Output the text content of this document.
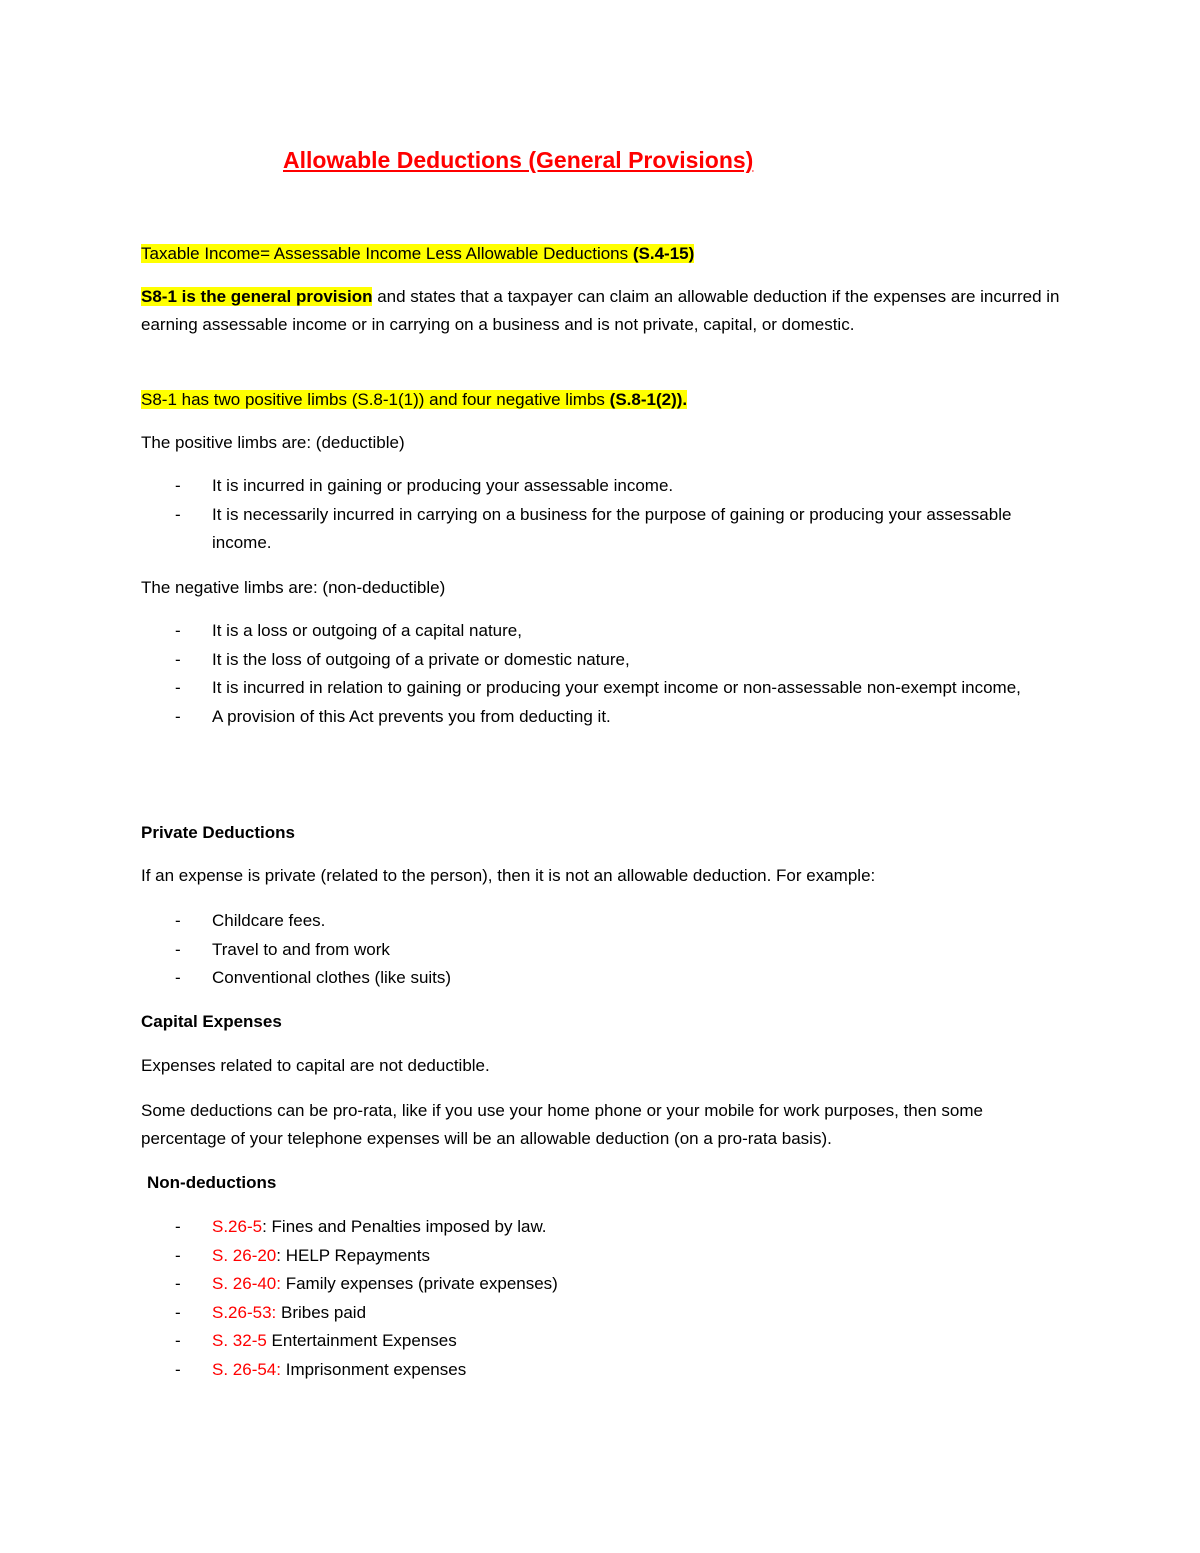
Allowable Deductions (General Provisions)
Taxable Income= Assessable Income Less Allowable Deductions (S.4-15)
S8-1 is the general provision and states that a taxpayer can claim an allowable deduction if the expenses are incurred in earning assessable income or in carrying on a business and is not private, capital, or domestic.
S8-1 has two positive limbs (S.8-1(1)) and four negative limbs (S.8-1(2)).
The positive limbs are: (deductible)
- It is incurred in gaining or producing your assessable income.
- It is necessarily incurred in carrying on a business for the purpose of gaining or producing your assessable income.
The negative limbs are: (non-deductible)
- It is a loss or outgoing of a capital nature,
- It is the loss of outgoing of a private or domestic nature,
- It is incurred in relation to gaining or producing your exempt income or non-assessable non-exempt income,
- A provision of this Act prevents you from deducting it.
Private Deductions
If an expense is private (related to the person), then it is not an allowable deduction. For example:
- Childcare fees.
- Travel to and from work
- Conventional clothes (like suits)
Capital Expenses
Expenses related to capital are not deductible.
Some deductions can be pro-rata, like if you use your home phone or your mobile for work purposes, then some percentage of your telephone expenses will be an allowable deduction (on a pro-rata basis).
Non-deductions
- S.26-5: Fines and Penalties imposed by law.
- S. 26-20: HELP Repayments
- S. 26-40: Family expenses (private expenses)
- S.26-53: Bribes paid
- S. 32-5 Entertainment Expenses
- S. 26-54: Imprisonment expenses
